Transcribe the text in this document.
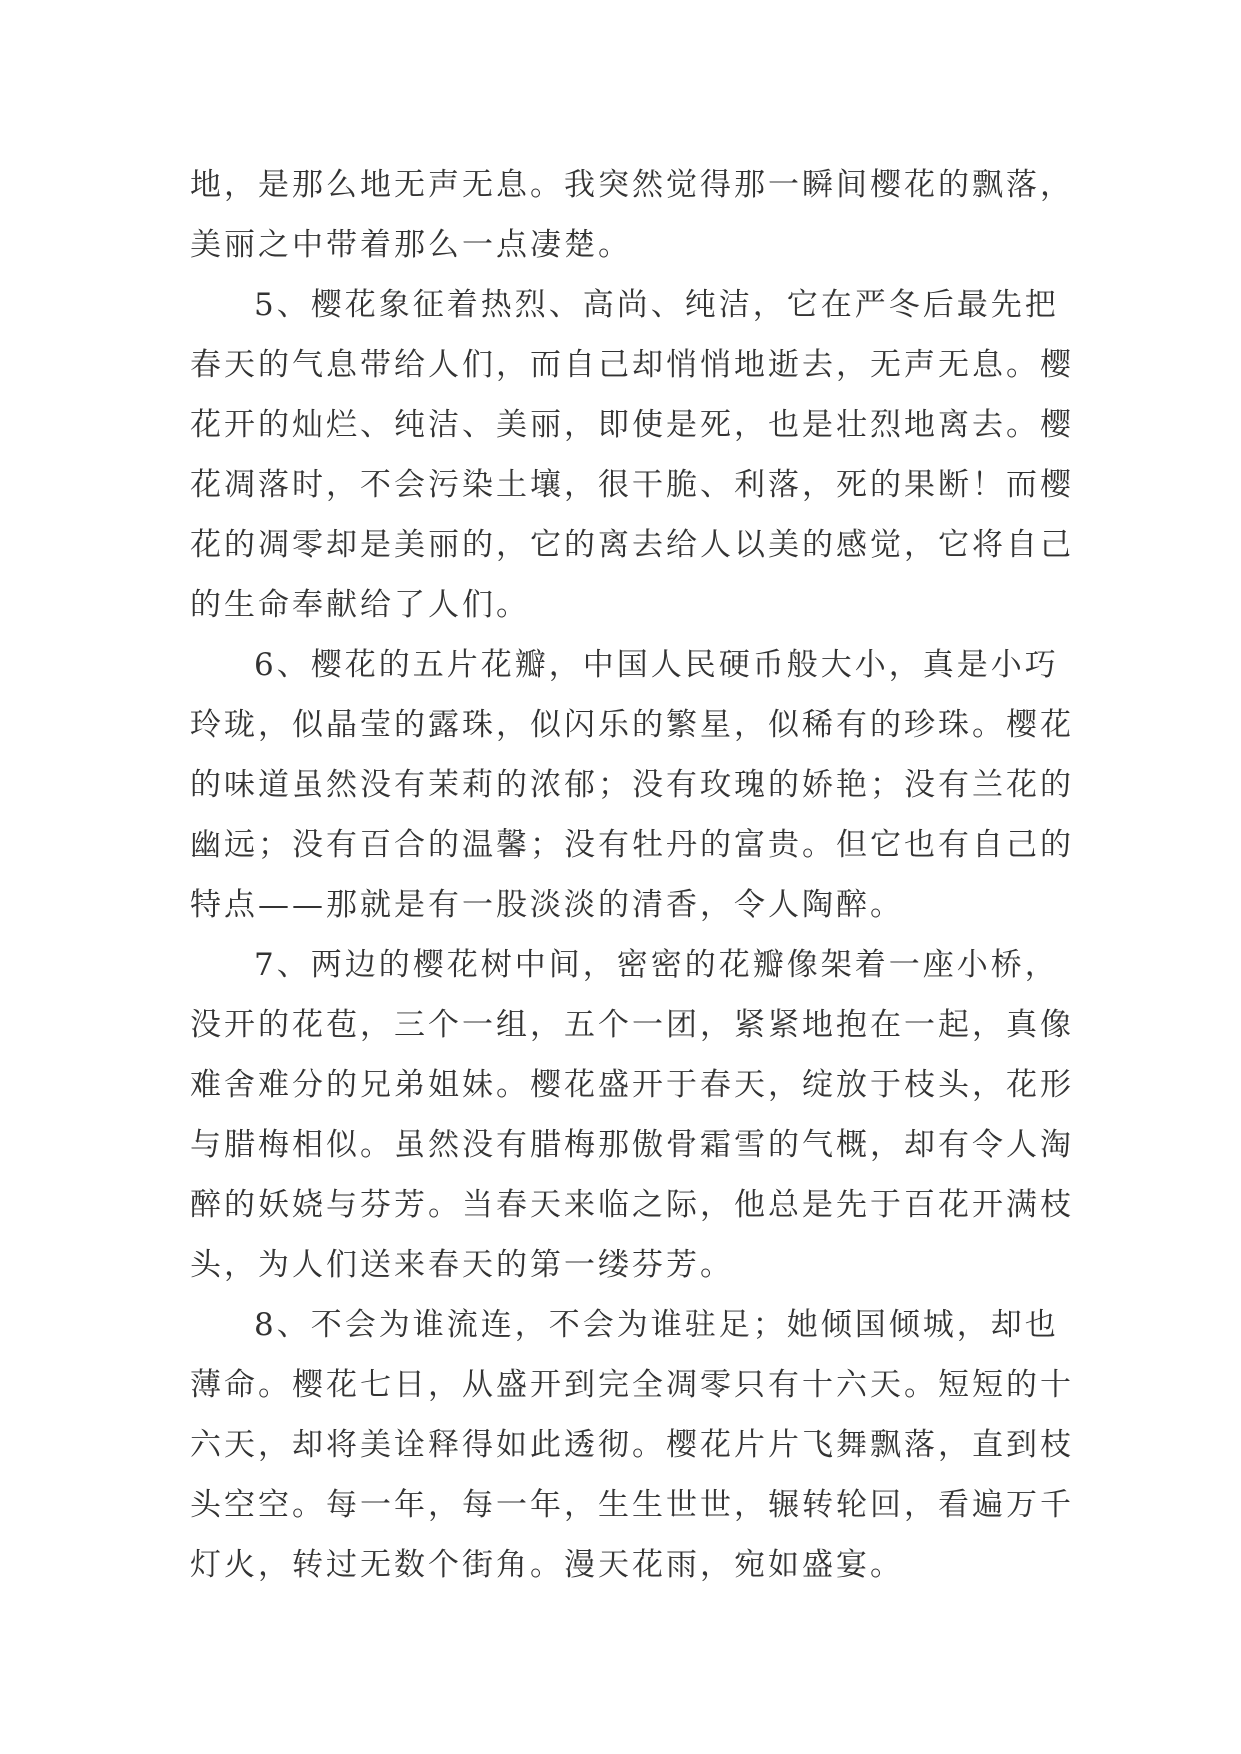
地，是那么地无声无息。我突然觉得那一瞬间樱花的飘落，
美丽之中带着那么一点凄楚。

5、樱花象征着热烈、高尚、纯洁，它在严冬后最先把
春天的气息带给人们，而自己却悄悄地逝去，无声无息。樱
花开的灿烂、纯洁、美丽，即使是死，也是壮烈地离去。樱
花凋落时，不会污染土壤，很干脆、利落，死的果断！而樱
花的凋零却是美丽的，它的离去给人以美的感觉，它将自己
的生命奉献给了人们。

6、樱花的五片花瓣，中国人民硬币般大小，真是小巧
玲珑，似晶莹的露珠，似闪乐的繁星，似稀有的珍珠。樱花
的味道虽然没有茉莉的浓郁；没有玫瑰的娇艳；没有兰花的
幽远；没有百合的温馨；没有牡丹的富贵。但它也有自己的
特点——那就是有一股淡淡的清香，令人陶醉。

7、两边的樱花树中间，密密的花瓣像架着一座小桥，
没开的花苞，三个一组，五个一团，紧紧地抱在一起，真像
难舍难分的兄弟姐妹。樱花盛开于春天，绽放于枝头，花形
与腊梅相似。虽然没有腊梅那傲骨霜雪的气概，却有令人淘
醉的妖娆与芬芳。当春天来临之际，他总是先于百花开满枝
头，为人们送来春天的第一缕芬芳。

8、不会为谁流连，不会为谁驻足；她倾国倾城，却也
薄命。樱花七日，从盛开到完全凋零只有十六天。短短的十
六天，却将美诠释得如此透彻。樱花片片飞舞飘落，直到枝
头空空。每一年，每一年，生生世世，辗转轮回，看遍万千
灯火，转过无数个街角。漫天花雨，宛如盛宴。
